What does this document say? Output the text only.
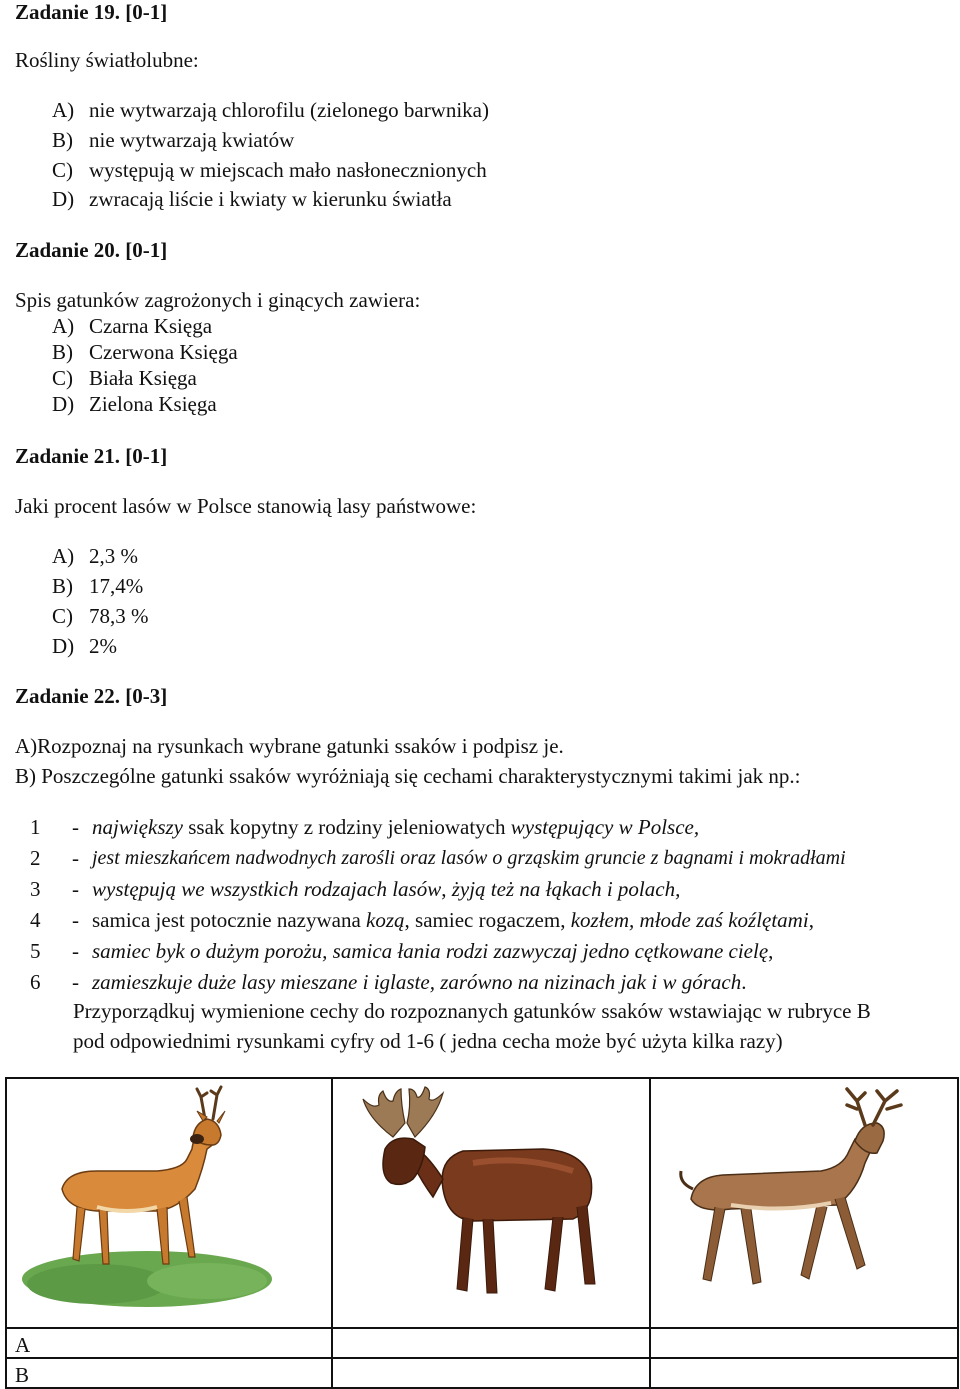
Zadanie 19. [0-1]
Rośliny światłolubne:
A) nie wytwarzają chlorofilu (zielonego barwnika)
B) nie wytwarzają kwiatów
C) występują w miejscach mało nasłonecznionych
D) zwracają liście i kwiaty w kierunku światła
Zadanie 20. [0-1]
Spis gatunków zagrożonych i ginących zawiera:
A) Czarna Księga
B) Czerwona Księga
C) Biała Księga
D) Zielona Księga
Zadanie 21. [0-1]
Jaki procent lasów w Polsce stanowią lasy państwowe:
A) 2,3 %
B) 17,4%
C) 78,3 %
D) 2%
Zadanie 22. [0-3]
A)Rozpoznaj na rysunkach wybrane gatunki ssaków i podpisz je.
B) Poszczególne gatunki ssaków wyróżniają się cechami charakterystycznymi takimi jak np.:
1 - największy ssak kopytny z rodziny jeleniowatych występujący w Polsce,
2 - jest mieszkańcem nadwodnych zarośli oraz lasów o grząskim gruncie z bagnami i mokradłami
3 - występują we wszystkich rodzajach lasów, żyją też na łąkach i polach,
4 - samica jest potocznie nazywana kozą, samiec rogaczem, kozłem, młode zaś koźlętami,
5 - samiec byk o dużym porożu, samica łania rodzi zazwyczaj jedno cętkowane cielę,
6 - zamieszkuje duże lasy mieszane i iglaste, zarówno na nizinach jak i w górach.
Przyporządkuj wymienione cechy do rozpoznanych gatunków ssaków wstawiając w rubryce B
pod odpowiednimi rysunkami cyfry od 1-6 ( jedna cecha może być użyta kilka razy)

A		

B		
